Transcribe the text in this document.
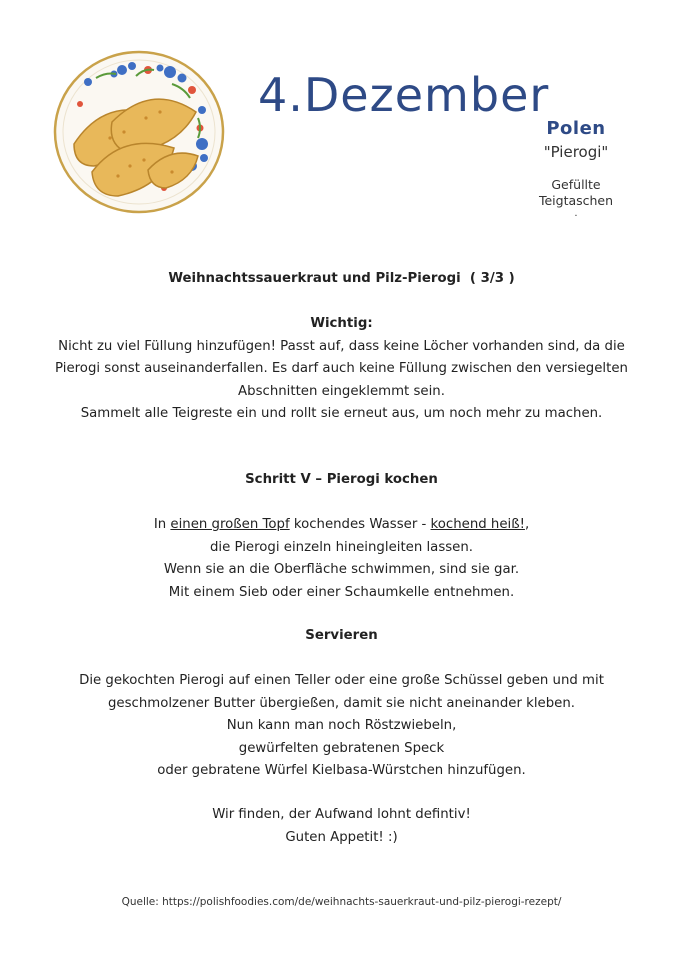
4.Dezember
Polen
"Pierogi"
Gefüllte
Teigtaschen
.
Weihnachtssauerkraut und Pilz-Pierogi  ( 3/3 )
Wichtig:
Nicht zu viel Füllung hinzufügen! Passt auf, dass keine Löcher vorhanden sind, da die
Pierogi sonst auseinanderfallen. Es darf auch keine Füllung zwischen den versiegelten
Abschnitten eingeklemmt sein.
Sammelt alle Teigreste ein und rollt sie erneut aus, um noch mehr zu machen.
Schritt V – Pierogi kochen
In einen großen Topf kochendes Wasser - kochend heiß!,
die Pierogi einzeln hineingleiten lassen.
Wenn sie an die Oberfläche schwimmen, sind sie gar.
Mit einem Sieb oder einer Schaumkelle entnehmen.
Servieren
Die gekochten Pierogi auf einen Teller oder eine große Schüssel geben und mit
geschmolzener Butter übergießen, damit sie nicht aneinander kleben.
Nun kann man noch Röstzwiebeln,
gewürfelten gebratenen Speck
oder gebratene Würfel Kielbasa-Würstchen hinzufügen.
Wir finden, der Aufwand lohnt defintiv!
Guten Appetit! :)
Quelle: https://polishfoodies.com/de/weihnachts-sauerkraut-und-pilz-pierogi-rezept/
